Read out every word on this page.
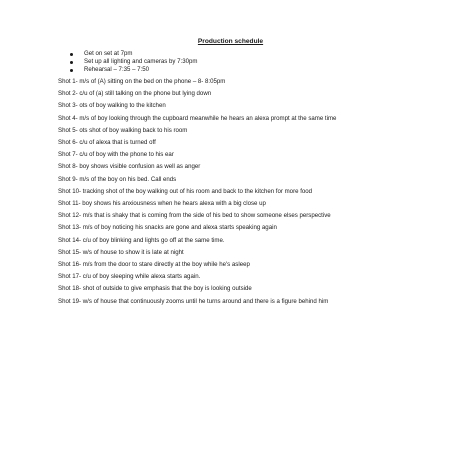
Production schedule
Get on set at 7pm
Set up all lighting and cameras by 7:30pm
Rehearsal – 7:35 – 7:50

Shot 1- m/s of (A) sitting on the bed on the phone – 8- 8:05pm

Shot 2- c/u of (a) still talking on the phone but lying down

Shot 3- ots of boy walking to the kitchen

Shot 4- m/s of boy looking through the cupboard meanwhile he hears an alexa prompt at the same time

Shot 5- ots shot of boy walking back to his room

Shot 6- c/u of alexa that is turned off

Shot 7- c/u of boy with the phone to his ear

Shot 8- boy shows visible confusion as well as anger

Shot 9- m/s of the boy on his bed. Call ends

Shot 10- tracking shot of the boy walking out of his room and back to the kitchen for more food

Shot 11- boy shows his anxiousness when he hears alexa with a big close up

Shot 12- m/s that is shaky that is coming from the side of his bed to show someone elses perspective

Shot 13- m/s of boy noticing his snacks are gone and alexa starts speaking again

Shot 14- c/u of boy blinking and lights go off at the same time.

Shot 15- w/s of house to show it is late at night

Shot 16- m/s from the door to stare directly at the boy while he's asleep

Shot 17- c/u of boy sleeping while alexa starts again.

Shot 18- shot of outside to give emphasis that the boy is looking outside

Shot 19- w/s of house that continuously zooms until he turns around and there is a figure behind him
